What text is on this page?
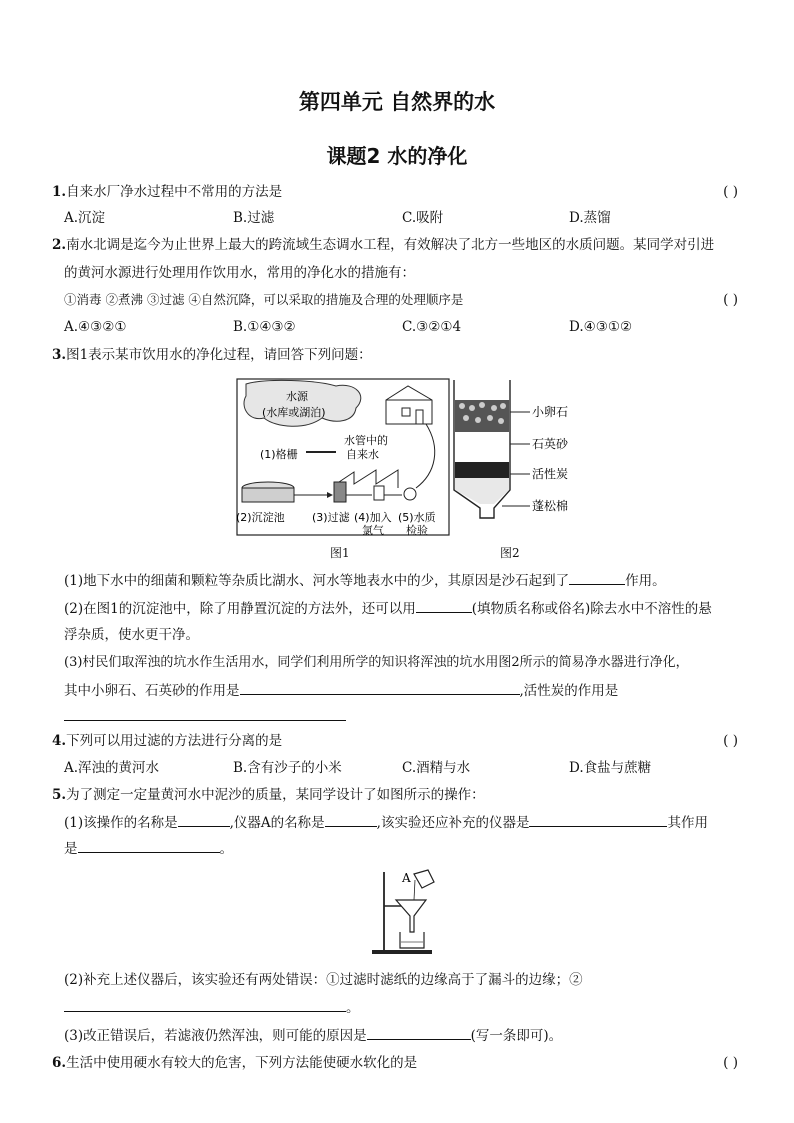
第四单元 自然界的水
课题2 水的净化
1.自来水厂净水过程中不常用的方法是	( )
A.沉淀	B.过滤	C.吸附	D.蒸馏
2.南水北调是迄今为止世界上最大的跨流域生态调水工程，有效解决了北方一些地区的水质问题。某同学对引进
的黄河水源进行处理用作饮用水，常用的净化水的措施有：
①消毒 ②煮沸 ③过滤 ④自然沉降，可以采取的措施及合理的处理顺序是	( )
A.④③②①	B.①④③②	C.③②①4	D.④③①②
3.图1表示某市饮用水的净化过程，请回答下列问题：
水源
(水库或湖泊)
水管中的
自来水
(1)格栅
(2)沉淀池 (3)过滤 (4)加入
氯气
(5)水质
检验
图1
小卵石
石英砂
活性炭
蓬松棉
图2
(1)地下水中的细菌和颗粒等杂质比湖水、河水等地表水中的少，其原因是沙石起到了	作用。
(2)在图1的沉淀池中，除了用静置沉淀的方法外，还可以用	(填物质名称或俗名)除去水中不溶性的悬
浮杂质，使水更干净。
(3)村民们取浑浊的坑水作生活用水，同学们利用所学的知识将浑浊的坑水用图2所示的简易净水器进行净化，
其中小卵石、石英砂的作用是	,活性炭的作用是
4.下列可以用过滤的方法进行分离的是	( )
A.浑浊的黄河水	B.含有沙子的小米	C.酒精与水	D.食盐与蔗糖
5.为了测定一定量黄河水中泥沙的质量，某同学设计了如图所示的操作：
(1)该操作的名称是	,仪器A的名称是	,该实验还应补充的仪器是	其作用
是	。
A
(2)补充上述仪器后，该实验还有两处错误：①过滤时滤纸的边缘高于了漏斗的边缘；②
。
(3)改正错误后，若滤液仍然浑浊，则可能的原因是	(写一条即可)。
6.生活中使用硬水有较大的危害，下列方法能使硬水软化的是	( )
